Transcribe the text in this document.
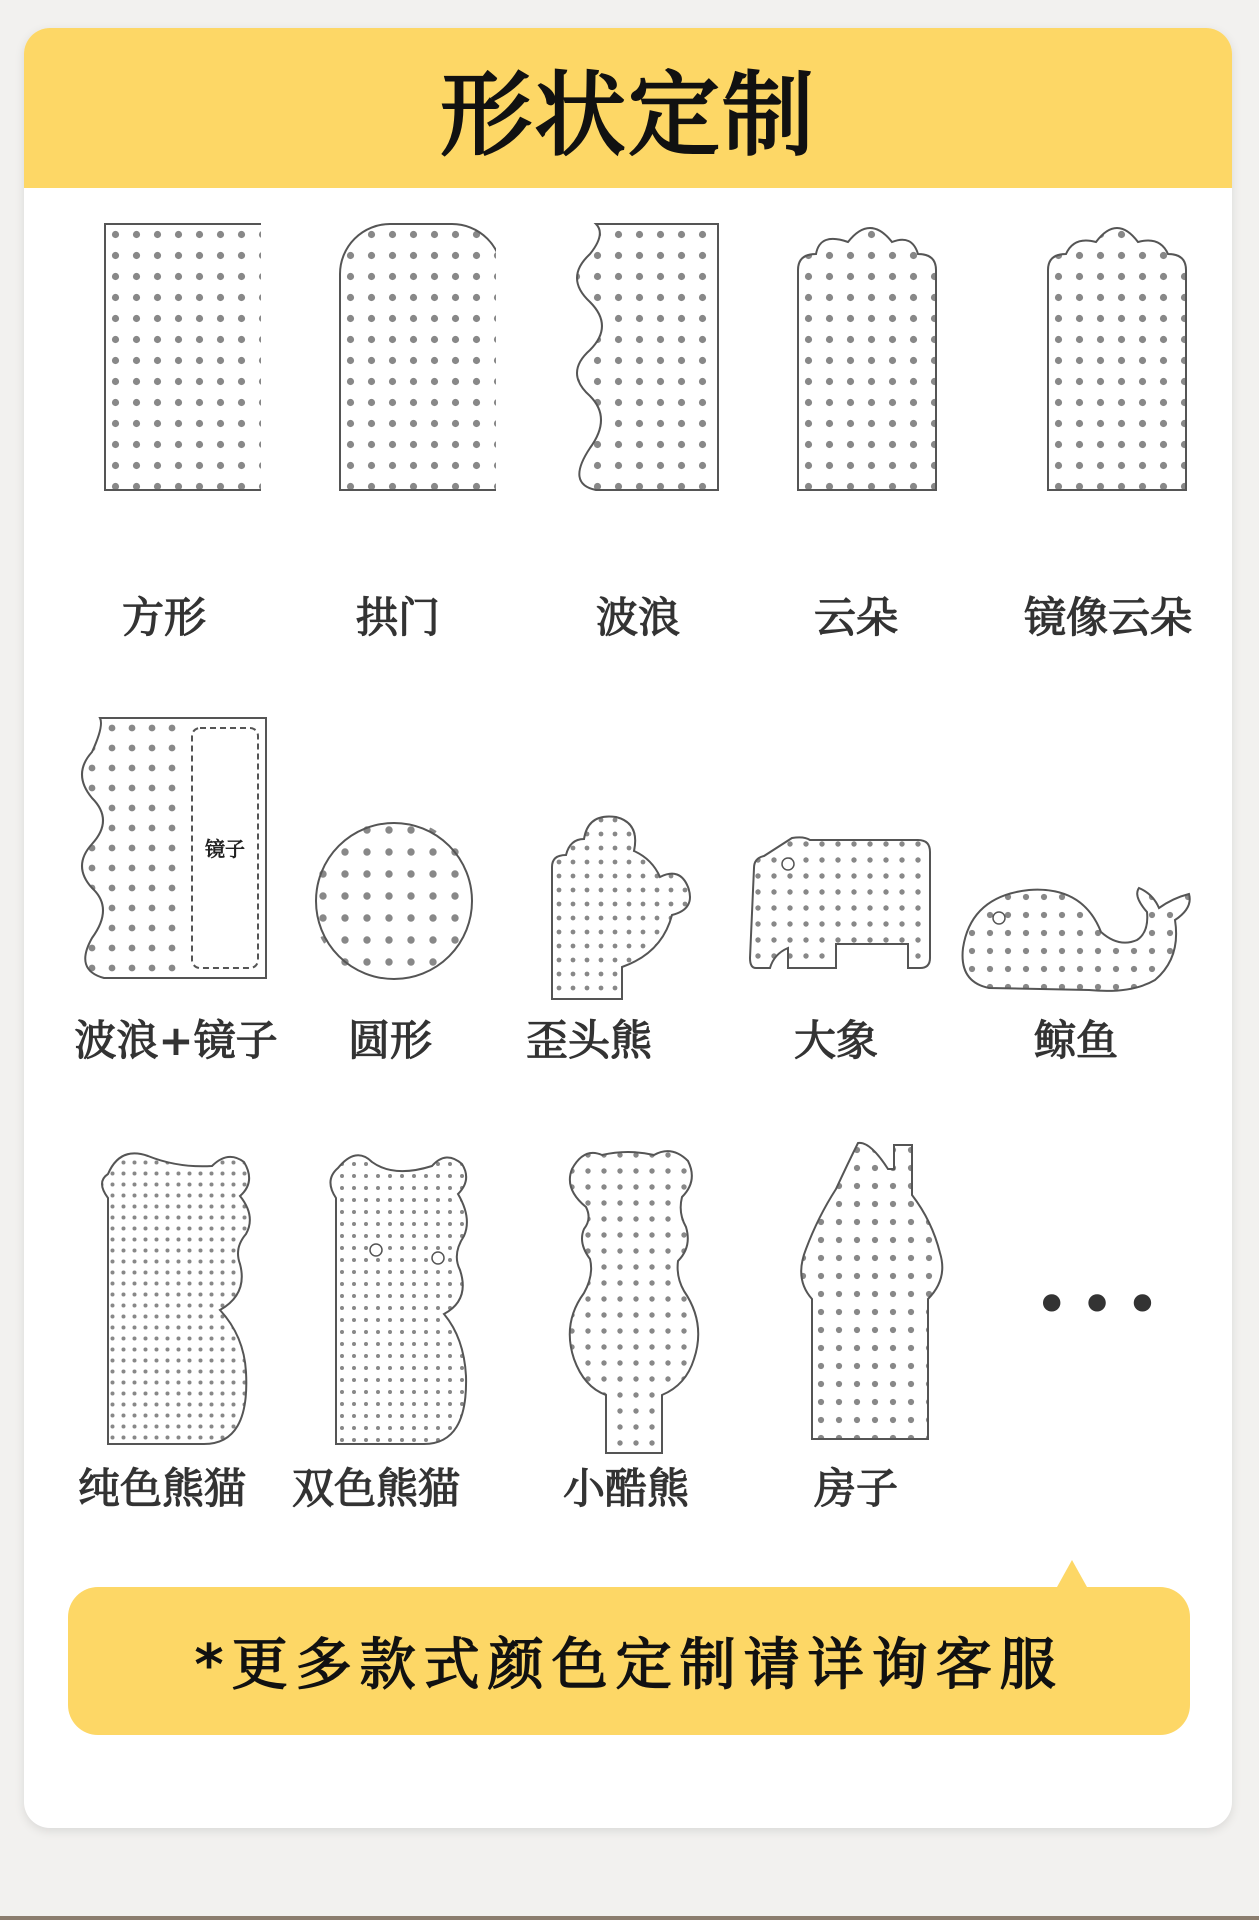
形状定制
方形	拱门	波浪	云朵	镜像云朵
镜子
波浪+镜子	圆形	歪头熊	大象	鲸鱼
•••
纯色熊猫	双色熊猫	小酷熊	房子
*更多款式颜色定制请详询客服
